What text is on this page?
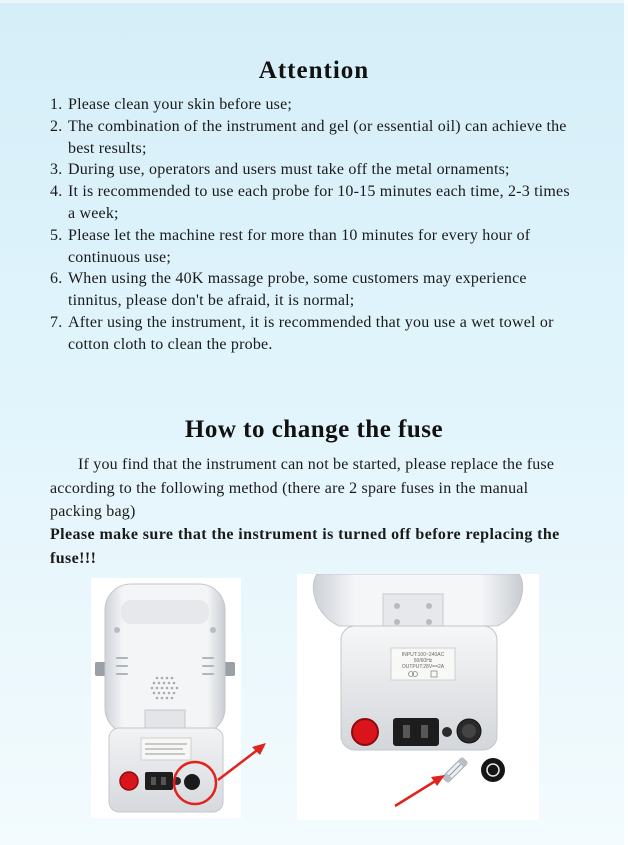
Attention
1. Please clean your skin before use;
2. The combination of the instrument and gel (or essential oil) can achieve the best results;
3. During use, operators and users must take off the metal ornaments;
4. It is recommended to use each probe for 10-15 minutes each time, 2-3 times a week;
5. Please let the machine rest for more than 10 minutes for every hour of continuous use;
6. When using the 40K massage probe, some customers may experience tinnitus, please don't be afraid, it is normal;
7. After using the instrument, it is recommended that you use a wet towel or cotton cloth to clean the probe.
How to change the fuse

If you find that the instrument can not be started, please replace the fuse according to the following method (there are 2 spare fuses in the manual packing bag)

Please make sure that the instrument is turned off before replacing the fuse!!!

INPUT:100~240AC
50/60Hz
OUTPUT:28V==2A
